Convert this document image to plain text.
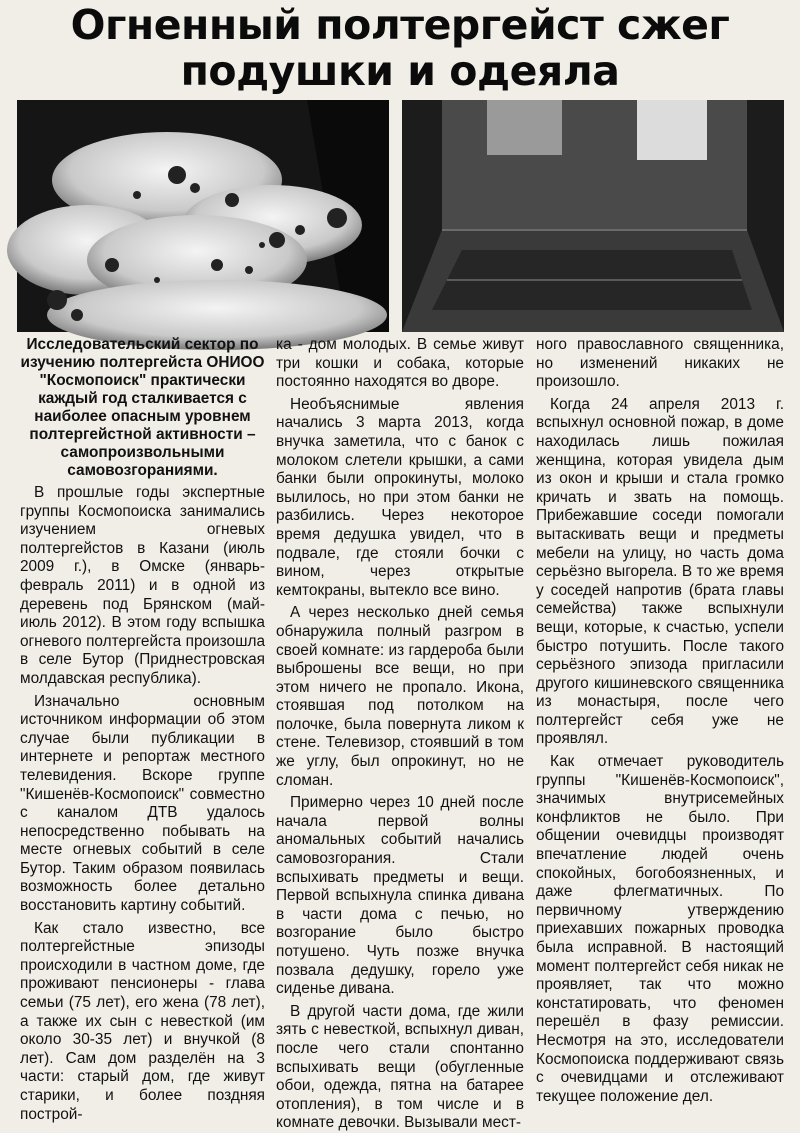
Огненный полтергейст сжег подушки и одеяла

Исследовательский сектор по изучению полтергейста ОНИОО "Космопоиск" практически каждый год сталкивается с наиболее опасным уровнем полтергейстной активности – самопроизвольными самовозгораниями.

В прошлые годы экспертные группы Космопоиска занимались изучением огневых полтергейстов в Казани (июль 2009 г.), в Омске (январь-февраль 2011) и в одной из деревень под Брянском (май-июль 2012). В этом году вспышка огневого полтергейста произошла в селе Бутор (Приднестровская молдавская республика).

Изначально основным источником информации об этом случае были публикации в интернете и репортаж местного телевидения. Вскоре группе "Кишенёв-Космопоиск" совместно с каналом ДТВ удалось непосредственно побывать на месте огневых событий в селе Бутор. Таким образом появилась возможность более детально восстановить картину событий.

Как стало известно, все полтергейстные эпизоды происходили в частном доме, где проживают пенсионеры - глава семьи (75 лет), его жена (78 лет), а также их сын с невесткой (им около 30-35 лет) и внучкой (8 лет). Сам дом разделён на 3 части: старый дом, где живут старики, и более поздняя построй-

ка - дом молодых. В семье живут три кошки и собака, которые постоянно находятся во дворе.

Необъяснимые явления начались 3 марта 2013, когда внучка заметила, что с банок с молоком слетели крышки, а сами банки были опрокинуты, молоко вылилось, но при этом банки не разбились. Через некоторое время дедушка увидел, что в подвале, где стояли бочки с вином, через открытые кемтокраны, вытекло все вино.

А через несколько дней семья обнаружила полный разгром в своей комнате: из гардероба были выброшены все вещи, но при этом ничего не пропало. Икона, стоявшая под потолком на полочке, была повернута ликом к стене. Телевизор, стоявший в том же углу, был опрокинут, но не сломан.

Примерно через 10 дней после начала первой волны аномальных событий начались самовозгорания. Стали вспыхивать предметы и вещи. Первой вспыхнула спинка дивана в части дома с печью, но возгорание было быстро потушено. Чуть позже внучка позвала дедушку, горело уже сиденье дивана.

В другой части дома, где жили зять с невесткой, вспыхнул диван, после чего стали спонтанно вспыхивать вещи (обугленные обои, одежда, пятна на батарее отопления), в том числе и в комнате девочки. Вызывали мест-

ного православного священника, но изменений никаких не произошло.

Когда 24 апреля 2013 г. вспыхнул основной пожар, в доме находилась лишь пожилая женщина, которая увидела дым из окон и крыши и стала громко кричать и звать на помощь. Прибежавшие соседи помогали вытаскивать вещи и предметы мебели на улицу, но часть дома серьёзно выгорела. В то же время у соседей напротив (брата главы семейства) также вспыхнули вещи, которые, к счастью, успели быстро потушить. После такого серьёзного эпизода пригласили другого кишиневского священника из монастыря, после чего полтергейст себя уже не проявлял.

Как отмечает руководитель группы "Кишенёв-Космопоиск", значимых внутрисемейных конфликтов не было. При общении очевидцы производят впечатление людей очень спокойных, богобоязненных, и даже флегматичных. По первичному утверждению приехавших пожарных проводка была исправной. В настоящий момент полтергейст себя никак не проявляет, так что можно констатировать, что феномен перешёл в фазу ремиссии. Несмотря на это, исследователи Космопоиска поддерживают связь с очевидцами и отслеживают текущее положение дел.
